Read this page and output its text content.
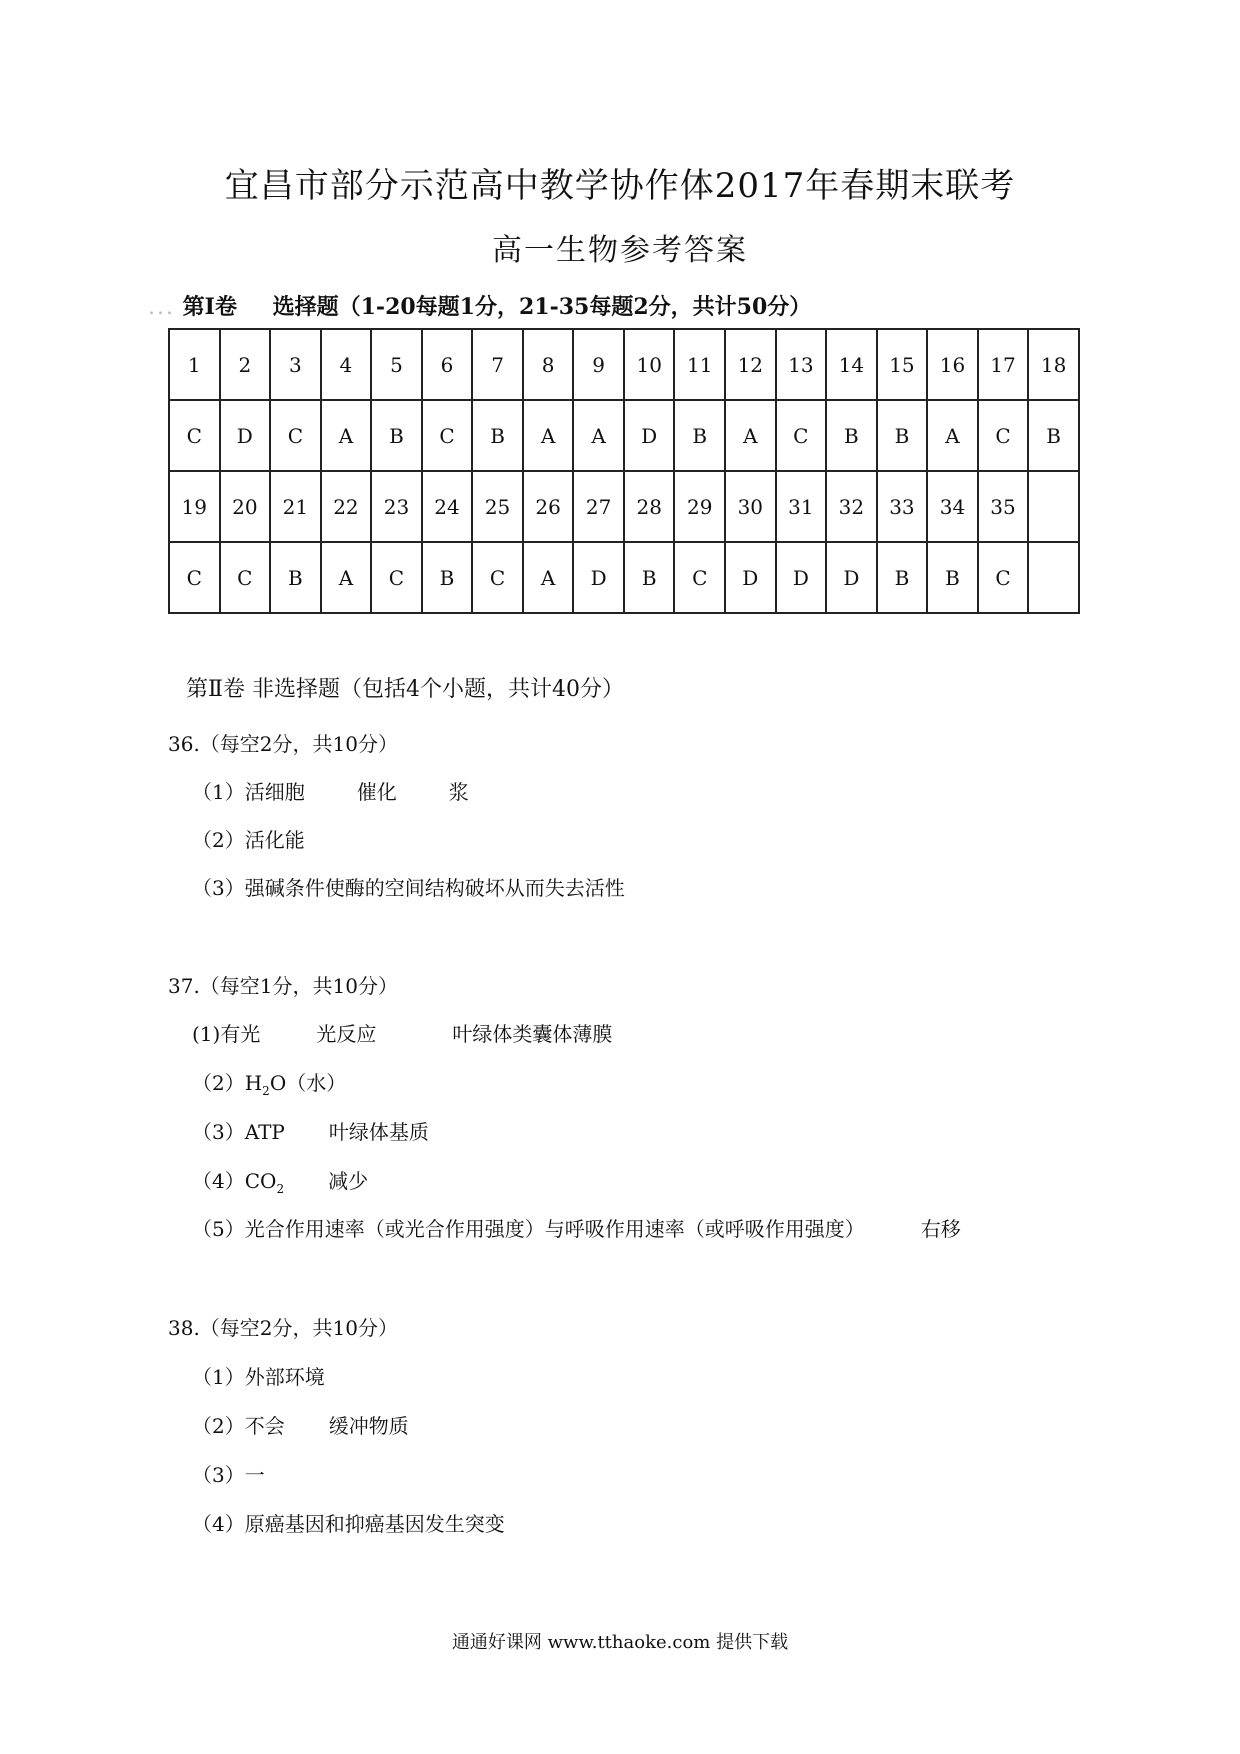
宜昌市部分示范高中教学协作体2017年春期末联考
高一生物参考答案
... 第Ⅰ卷 选择题（1-20每题1分，21-35每题2分，共计50分）
1	2	3	4	5	6	7	8	9	10	11	12	13	14	15	16	17	18
C	D	C	A	B	C	B	A	A	D	B	A	C	B	B	A	C	B
19	20	21	22	23	24	25	26	27	28	29	30	31	32	33	34	35	
C	C	B	A	C	B	C	A	D	B	C	D	D	D	B	B	C	
第Ⅱ卷 非选择题（包括4个小题，共计40分）
36.（每空2分，共10分）
（1）活细胞	催化	浆
（2）活化能
（3）强碱条件使酶的空间结构破坏从而失去活性
37.（每空1分，共10分）
(1)有光	光反应	叶绿体类囊体薄膜
$(2)H_2O$（水）
（3）ATP 叶绿体基质
$(4)CO_2$ 减少
（5）光合作用速率（或光合作用强度）与呼吸作用速率（或呼吸作用强度）	右移
38.（每空2分，共10分）
（1）外部环境
（2）不会 缓冲物质
（3）一
（4）原癌基因和抑癌基因发生突变
通通好课网 www.tthaoke.com 提供下载
